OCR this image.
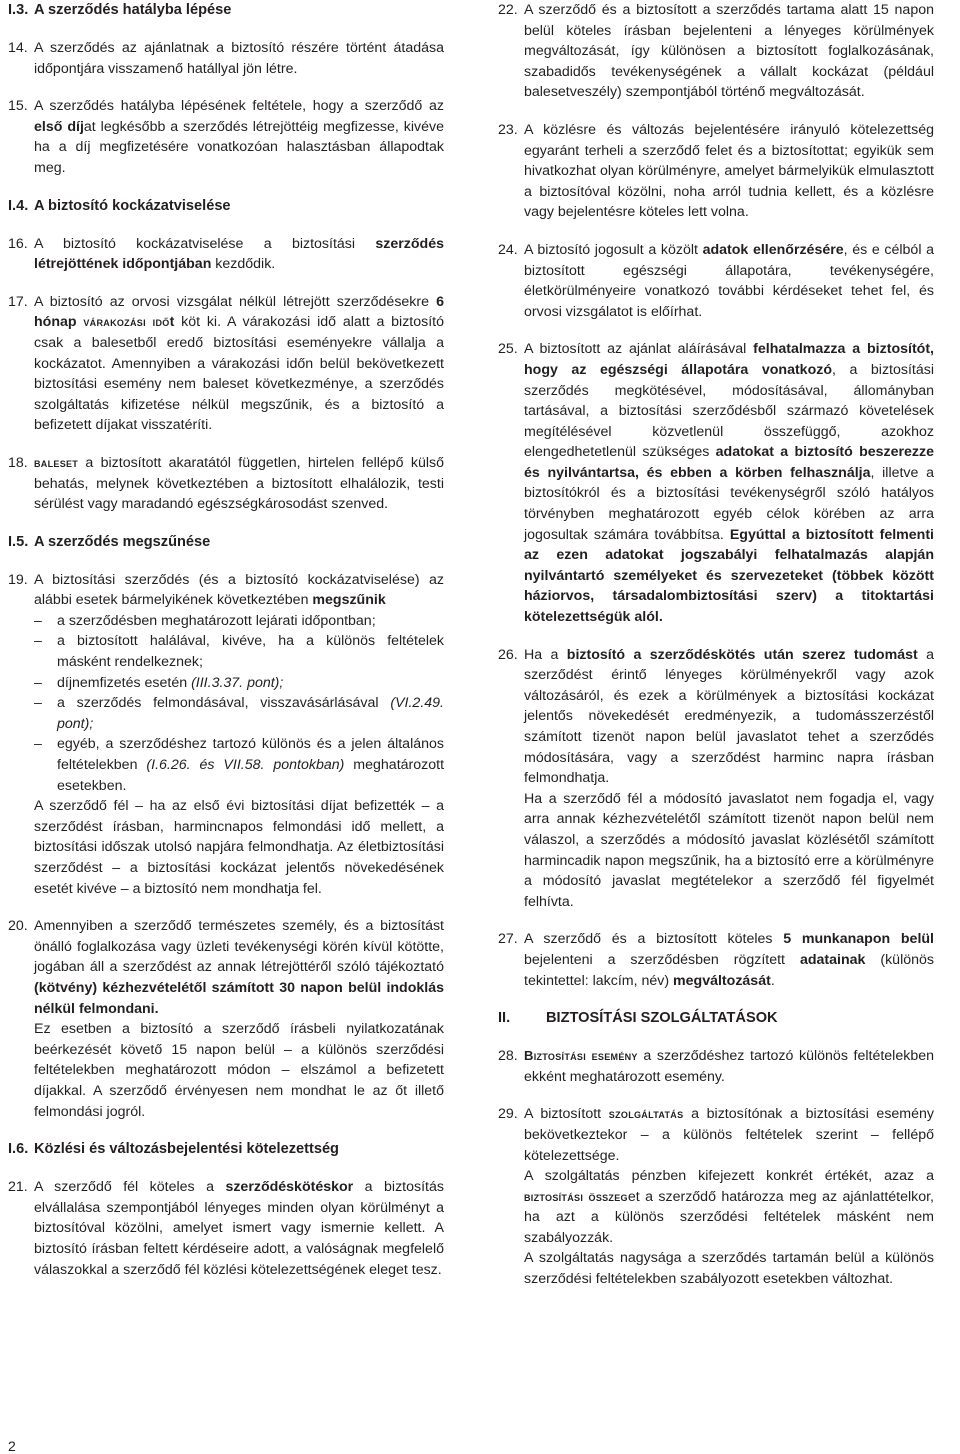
I.3. A szerződés hatályba lépése
14. A szerződés az ajánlatnak a biztosító részére történt átadása időpontjára visszamenő hatállyal jön létre.
15. A szerződés hatályba lépésének feltétele, hogy a szerződő az első díjat legkésőbb a szerződés létrejöttéig megfizesse, kivéve ha a díj megfizetésére vonatkozóan halasztásban állapodtak meg.
I.4. A biztosító kockázatviselése
16. A biztosító kockázatviselése a biztosítási szerződés létrejöttének időpontjában kezdődik.
17. A biztosító az orvosi vizsgálat nélkül létrejött szerződésekre 6 hónap várakozási időt köt ki. A várakozási idő alatt a biztosító csak a balesetből eredő biztosítási eseményekre vállalja a kockázatot. Amennyiben a várakozási időn belül bekövetkezett biztosítási esemény nem baleset következménye, a szerződés szolgáltatás kifizetése nélkül megszűnik, és a biztosító a befizetett díjakat visszatéríti.
18. baleset a biztosított akaratától független, hirtelen fellépő külső behatás, melynek következtében a biztosított elhalálozik, testi sérülést vagy maradandó egészségkárosodást szenved.
I.5. A szerződés megszűnése
19. A biztosítási szerződés (és a biztosító kockázatviselése) az alábbi esetek bármelyikének következtében megszűnik

–	a szerződésben meghatározott lejárati időpontban;
–	a biztosított halálával, kivéve, ha a különös feltételek másként rendelkeznek;
–	díjnemfizetés esetén (III.3.37. pont);
–	a szerződés felmondásával, visszavásárlásával (VI.2.49. pont);
–	egyéb, a szerződéshez tartozó különös és a jelen általános feltételekben (I.6.26. és VII.58. pontokban) meghatározott esetekben.

A szerződő fél – ha az első évi biztosítási díjat befizették – a szerződést írásban, harmincnapos felmondási idő mellett, a biztosítási időszak utolsó napjára felmondhatja. Az életbiztosítási szerződést – a biztosítási kockázat jelentős növekedésének esetét kivéve – a biztosító nem mondhatja fel.

20. Amennyiben a szerződő természetes személy, és a biztosítást önálló foglalkozása vagy üzleti tevékenységi körén kívül kötötte, jogában áll a szerződést az annak létrejöttéről szóló tájékoztató (kötvény) kézhezvételétől számított 30 napon belül indoklás nélkül felmondani.

Ez esetben a biztosító a szerződő írásbeli nyilatkozatának beérkezését követő 15 napon belül – a különös szerződési feltételekben meghatározott módon – elszámol a befizetett díjakkal. A szerződő érvényesen nem mondhat le az őt illető felmondási jogról.

I.6. Közlési és változásbejelentési kötelezettség
21. A szerződő fél köteles a szerződéskötéskor a biztosítás elvállalása szempontjából lényeges minden olyan körülményt a biztosítóval közölni, amelyet ismert vagy ismernie kellett. A biztosító írásban feltett kérdéseire adott, a valóságnak megfelelő válaszokkal a szerződő fél közlési kötelezettségének eleget tesz.
22. A szerződő és a biztosított a szerződés tartama alatt 15 napon belül köteles írásban bejelenteni a lényeges körülmények megváltozását, így különösen a biztosított foglalkozásának, szabadidős tevékenységének a vállalt kockázat (például balesetveszély) szempontjából történő megváltozását.
23. A közlésre és változás bejelentésére irányuló kötelezettség egyaránt terheli a szerződő felet és a biztosítottat; egyikük sem hivatkozhat olyan körülményre, amelyet bármelyikük elmulasztott a biztosítóval közölni, noha arról tudnia kellett, és a közlésre vagy bejelentésre köteles lett volna.
24. A biztosító jogosult a közölt adatok ellenőrzésére, és e célból a biztosított egészségi állapotára, tevékenységére, életkörülményeire vonatkozó további kérdéseket tehet fel, és orvosi vizsgálatot is előírhat.
25. A biztosított az ajánlat aláírásával felhatalmazza a biztosítót, hogy az egészségi állapotára vonatkozó, a biztosítási szerződés megkötésével, módosításával, állományban tartásával, a biztosítási szerződésből származó követelések megítélésével közvetlenül összefüggő, azokhoz elengedhetetlenül szükséges adatokat a biztosító beszerezze és nyilvántartsa, és ebben a körben felhasználja, illetve a biztosítókról és a biztosítási tevékenységről szóló hatályos törvényben meghatározott egyéb célok körében az arra jogosultak számára továbbítsa. Egyúttal a biztosított felmenti az ezen adatokat jogszabályi felhatalmazás alapján nyilvántartó személyeket és szervezeteket (többek között háziorvos, társadalombiztosítási szerv) a titoktartási kötelezettségük alól.
26. Ha a biztosító a szerződéskötés után szerez tudomást a szerződést érintő lényeges körülményekről vagy azok változásáról, és ezek a körülmények a biztosítási kockázat jelentős növekedését eredményezik, a tudomásszerzéstől számított tizenöt napon belül javaslatot tehet a szerződés módosítására, vagy a szerződést harminc napra írásban felmondhatja.

Ha a szerződő fél a módosító javaslatot nem fogadja el, vagy arra annak kézhezvételétől számított tizenöt napon belül nem válaszol, a szerződés a módosító javaslat közlésétől számított harmincadik napon megszűnik, ha a biztosító erre a körülményre a módosító javaslat megtételekor a szerződő fél figyelmét felhívta.

27. A szerződő és a biztosított köteles 5 munkanapon belül bejelenteni a szerződésben rögzített adatainak (különös tekintettel: lakcím, név) megváltozását.
II. BIZTOSÍTÁSI SZOLGÁLTATÁSOK
28. Biztosítási esemény a szerződéshez tartozó különös feltételekben ekként meghatározott esemény.
29. A biztosított szolgáltatás a biztosítónak a biztosítási esemény bekövetkeztekor – a különös feltételek szerint – fellépő kötelezettsége.

A szolgáltatás pénzben kifejezett konkrét értékét, azaz a biztosítási összeget a szerződő határozza meg az ajánlattételkor, ha azt a különös szerződési feltételek másként nem szabályozzák.

A szolgáltatás nagysága a szerződés tartamán belül a különös szerződési feltételekben szabályozott esetekben változhat.

2
